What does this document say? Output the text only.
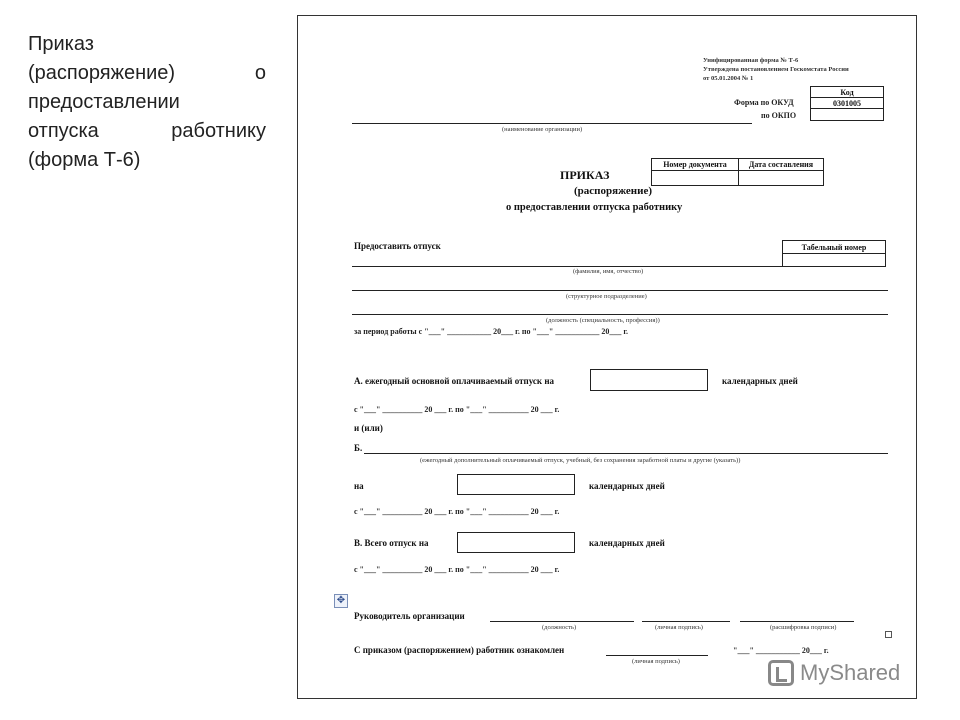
Приказ
(распоряжение)	о
предоставлении
отпуска	работнику
(форма Т-6)
Унифицированная форма № Т-6
Утверждена постановлением Госкомстата России
от 05.01.2004 № 1
Код
0301005
Форма по ОКУД
по ОКПО
(наименование организации)
Номер документа	Дата составления
ПРИКАЗ
(распоряжение)
о предоставлении отпуска работнику
Предоставить отпуск	Табельный номер
(фамилия, имя, отчество)
(структурное подразделение)
(должность (специальность, профессия))
за период работы с "___" ___________ 20___ г. по "___" ___________ 20___ г.
А. ежегодный основной оплачиваемый отпуск на	календарных дней
с "___" __________ 20 ___ г. по "___" __________ 20 ___ г.
и (или)
Б.
(ежегодный дополнительный оплачиваемый отпуск, учебный, без сохранения заработной платы и другие (указать))
на	календарных дней
с "___" __________ 20 ___ г. по "___" __________ 20 ___ г.
В. Всего отпуск на	календарных дней
с "___" __________ 20 ___ г. по "___" __________ 20 ___ г.
✥
Руководитель организации
(должность)	(личная подпись)	(расшифровка подписи)
С приказом (распоряжением) работник ознакомлен	"___" ___________ 20___ г.
(личная подпись)	MyShared
